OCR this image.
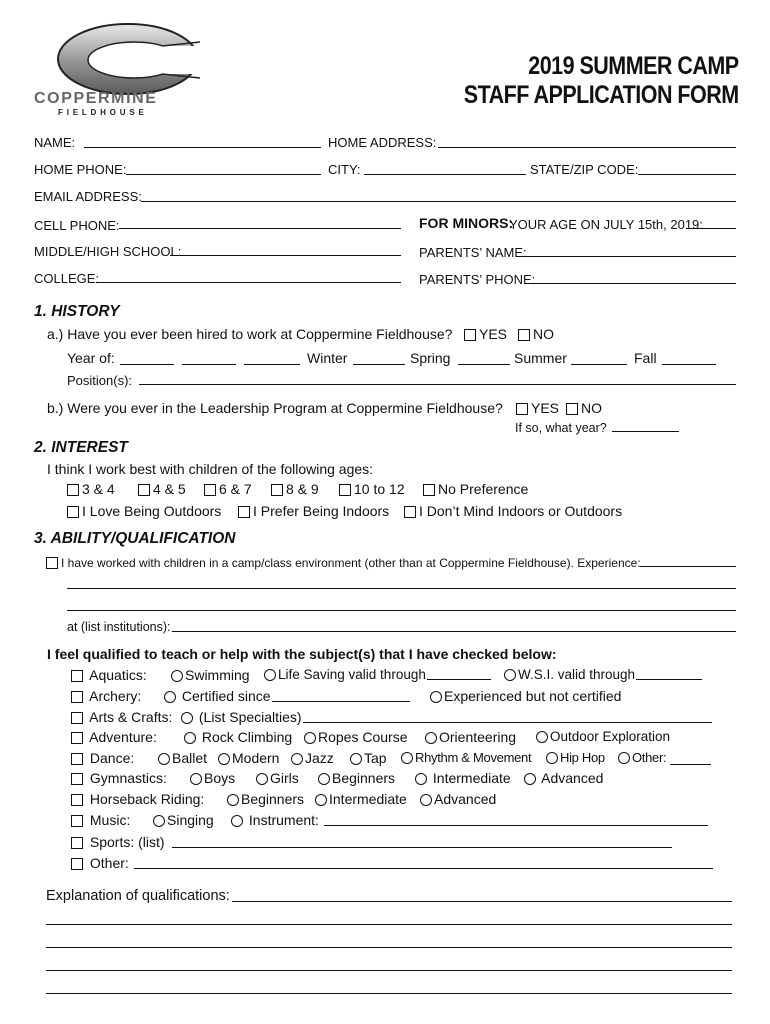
COPPERMINE
F I E L D H O U S E
2019 SUMMER CAMP
STAFF APPLICATION FORM
NAME:	HOME ADDRESS:
HOME PHONE:	CITY:	STATE/ZIP CODE:
EMAIL ADDRESS:
CELL PHONE:	FOR MINORS:
YOUR AGE ON JULY 15th, 2019:
MIDDLE/HIGH SCHOOL:	PARENTS’ NAME:
COLLEGE:	PARENTS’ PHONE:
1. HISTORY
a.) Have you ever been hired to work at Coppermine Fieldhouse?	YES	NO
Year of:	Winter	Spring	Summer	Fall
Position(s):
b.) Were you ever in the Leadership Program at Coppermine Fieldhouse?	YES	NO
If so, what year?
2. INTEREST
I think I work best with children of the following ages:
3 & 4	4 & 5	6 & 7	8 & 9	10 to 12	No Preference
I Love Being Outdoors	I Prefer Being Indoors	I Don’t Mind Indoors or Outdoors
3. ABILITY/QUALIFICATION
I have worked with children in a camp/class environment (other than at Coppermine Fieldhouse). Experience:
at (list institutions):
I feel qualified to teach or help with the subject(s) that I have checked below:
Aquatics:	Swimming	Life Saving valid through	W.S.I. valid through
Archery:	Certified since	Experienced but not certified
Arts & Crafts:	(List Specialties)
Adventure:	Rock Climbing	Ropes Course	Orienteering	Outdoor Exploration
Dance:	Ballet	Modern	Jazz	Tap	Rhythm & Movement	Hip Hop	Other:
Gymnastics:	Boys	Girls	Beginners	Intermediate	Advanced
Horseback Riding:	Beginners	Intermediate	Advanced
Music:	Singing	Instrument:
Sports: (list)
Other:
Explanation of qualifications:
